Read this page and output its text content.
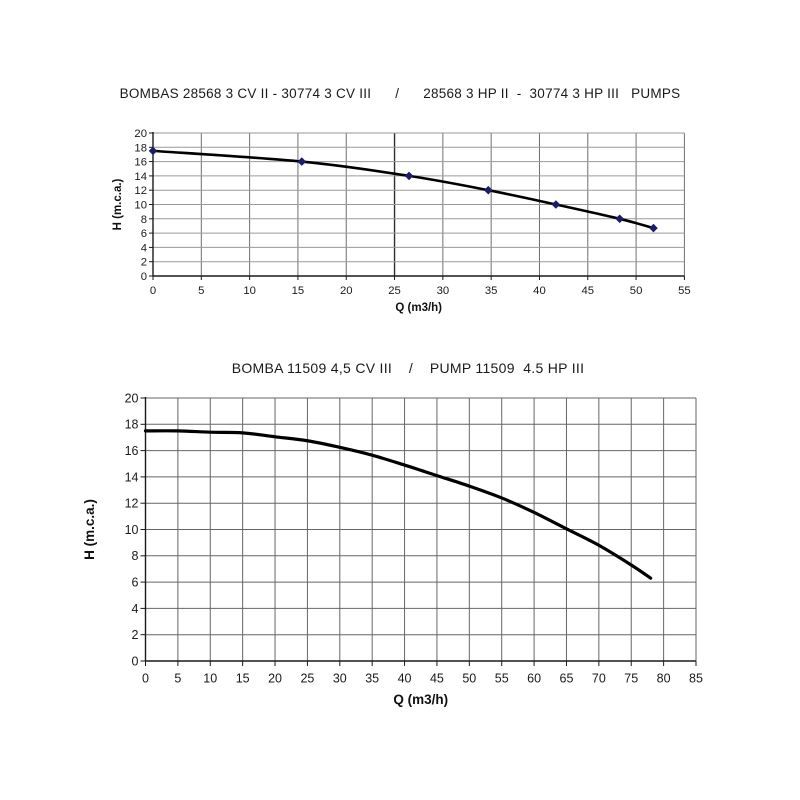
BOMBAS 28568 3 CV II - 30774 3 CV III      /      28568 3 HP II  -  30774 3 HP III   PUMPS
0	5	10	15	20	25	30	35	40	45	50	55
0
2
4
6
8
10
12
14
16
18
20
Q (m3/h)
H (m.c.a.)
BOMBA 11509 4,5 CV III    /    PUMP 11509  4.5 HP III
0 5 10 15 20 25 30 35 40 45 50 55 60 65 70 75 80 85
0
2
4
6
8
10
12
14
16
18
20
Q (m3/h)
H (m.c.a.)
